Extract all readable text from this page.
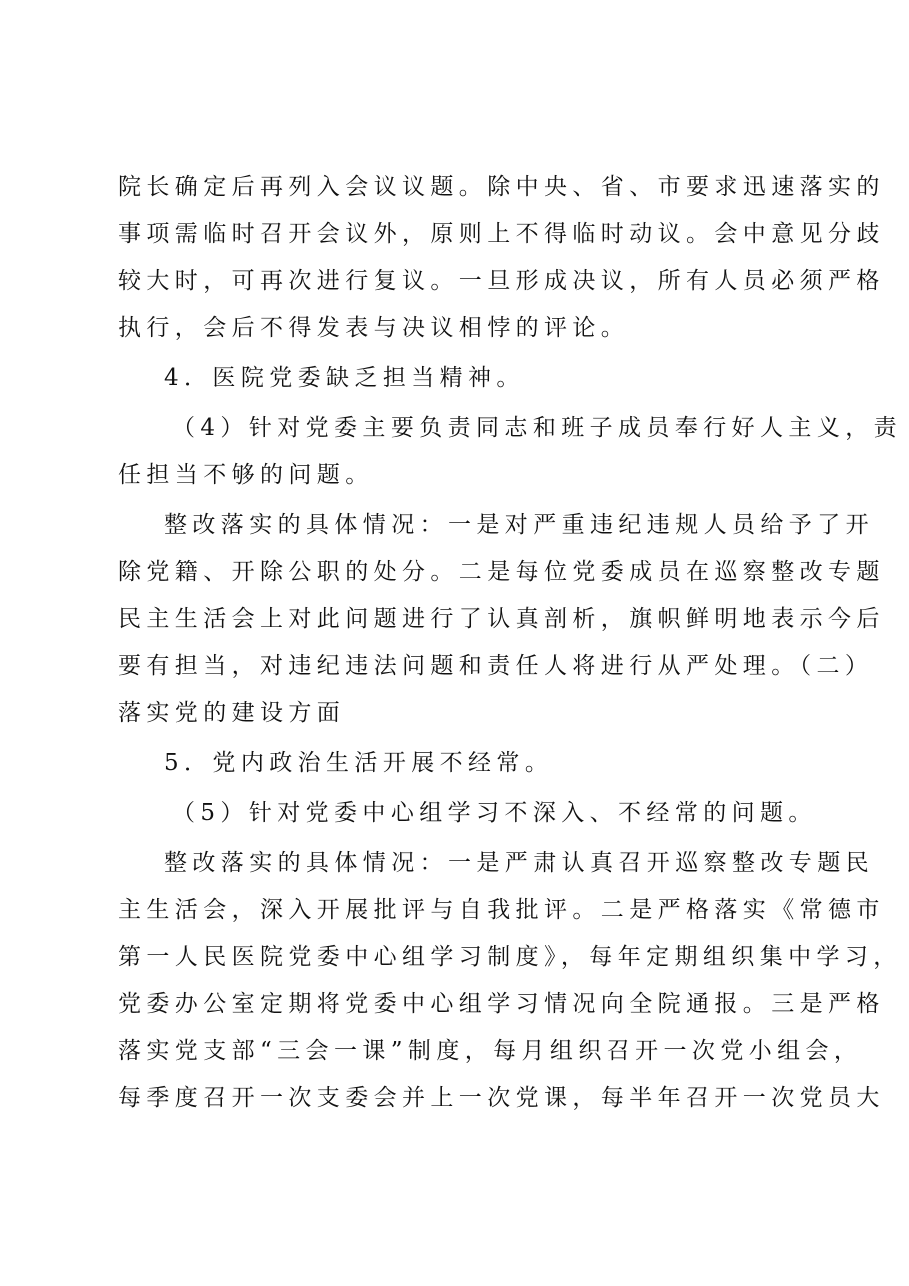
院长确定后再列入会议议题。除中央、省、市要求迅速落实的
事项需临时召开会议外，原则上不得临时动议。会中意见分歧
较大时，可再次进行复议。一旦形成决议，所有人员必须严格
执行，会后不得发表与决议相悖的评论。
4．医院党委缺乏担当精神。
（4）针对党委主要负责同志和班子成员奉行好人主义，责
任担当不够的问题。
整改落实的具体情况：一是对严重违纪违规人员给予了开
除党籍、开除公职的处分。二是每位党委成员在巡察整改专题
民主生活会上对此问题进行了认真剖析，旗帜鲜明地表示今后
要有担当，对违纪违法问题和责任人将进行从严处理。（二）
落实党的建设方面
5．党内政治生活开展不经常。
（5）针对党委中心组学习不深入、不经常的问题。
整改落实的具体情况：一是严肃认真召开巡察整改专题民
主生活会，深入开展批评与自我批评。二是严格落实《常德市
第一人民医院党委中心组学习制度》，每年定期组织集中学习，
党委办公室定期将党委中心组学习情况向全院通报。三是严格
落实党支部“三会一课”制度，每月组织召开一次党小组会，
每季度召开一次支委会并上一次党课，每半年召开一次党员大
